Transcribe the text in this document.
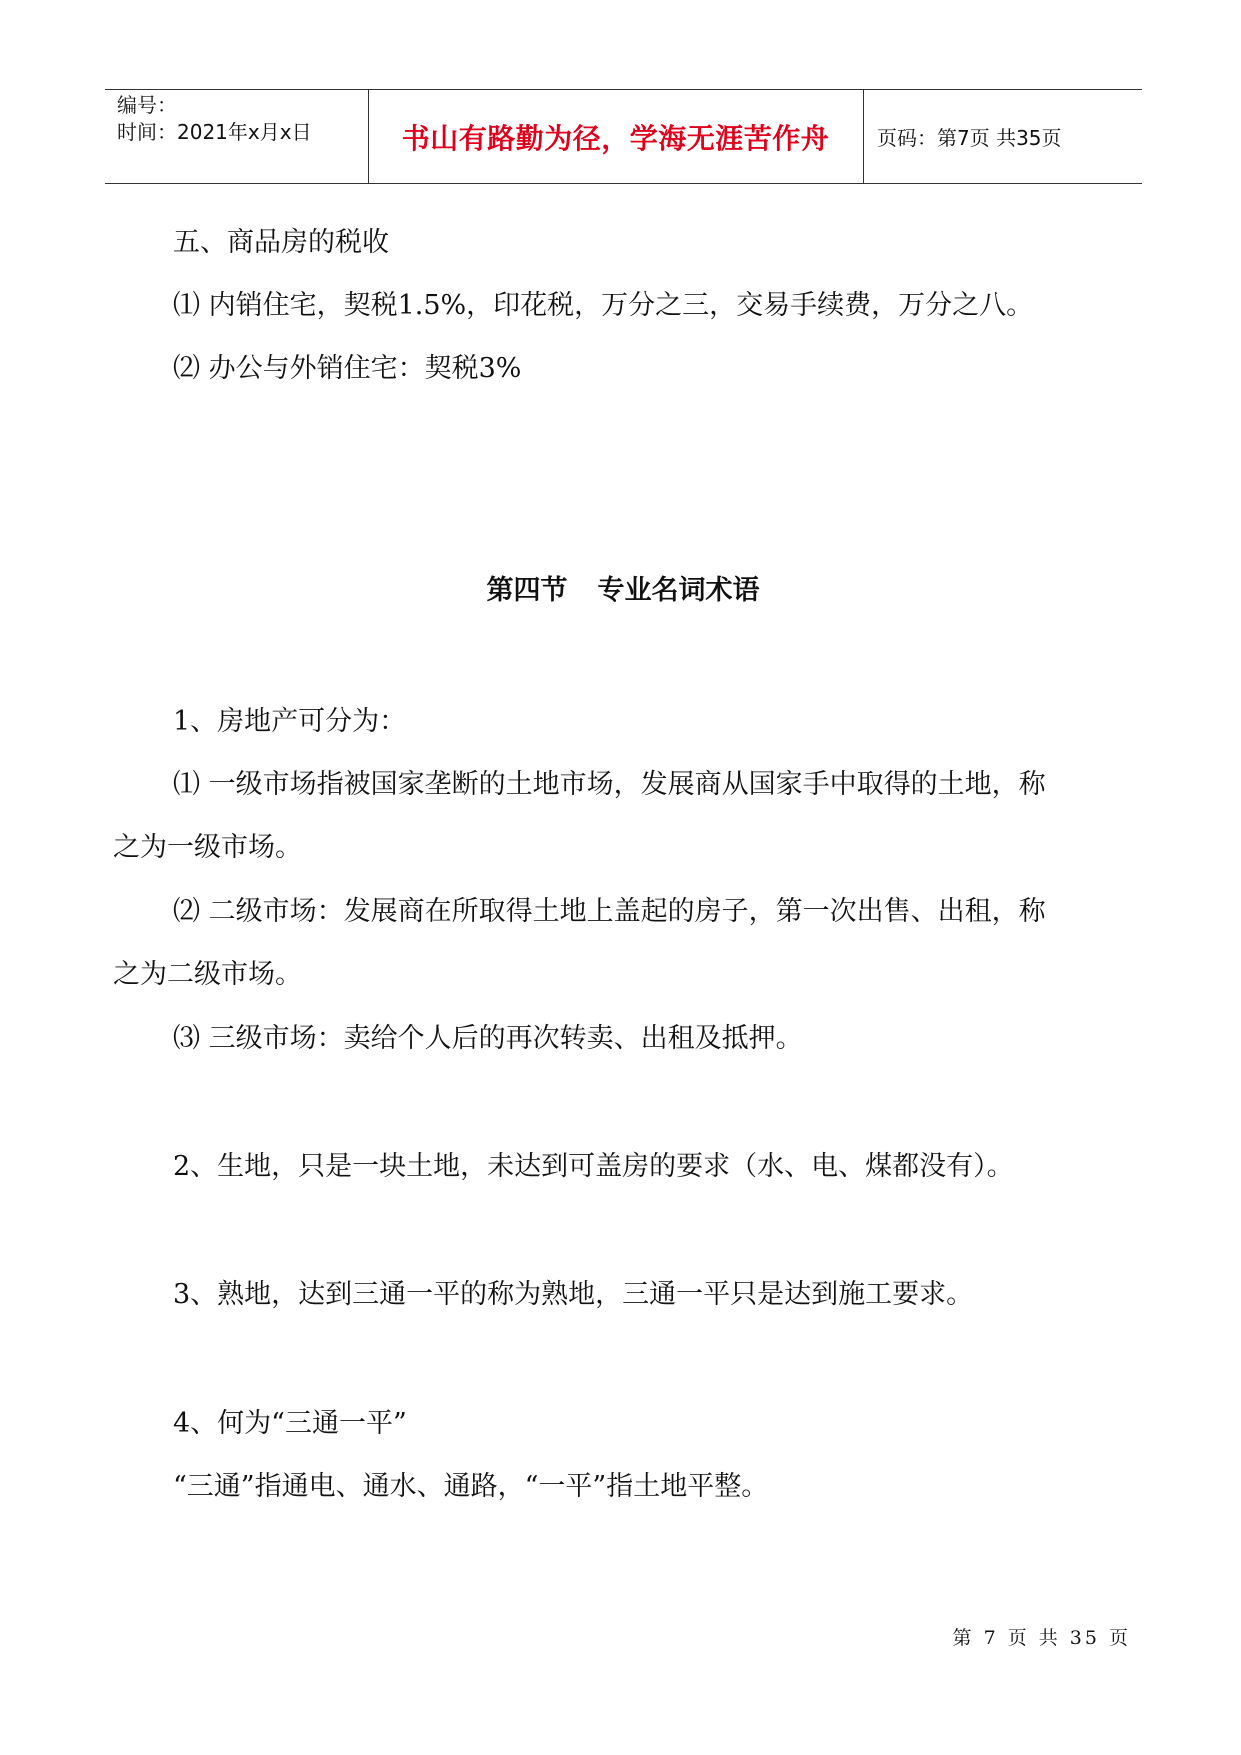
编号：
时间：2021年x月x日	书山有路勤为径，学海无涯苦作舟 页码：第7页 共35页
五、商品房的税收
⑴ 内销住宅，契税1.5%，印花税，万分之三，交易手续费，万分之八。
⑵ 办公与外销住宅：契税3%
第四节 专业名词术语
1、房地产可分为：
⑴ 一级市场指被国家垄断的土地市场，发展商从国家手中取得的土地，称
之为一级市场。
⑵ 二级市场：发展商在所取得土地上盖起的房子，第一次出售、出租，称
之为二级市场。
⑶ 三级市场：卖给个人后的再次转卖、出租及抵押。
2、生地，只是一块土地，未达到可盖房的要求（水、电、煤都没有）。
3、熟地，达到三通一平的称为熟地，三通一平只是达到施工要求。
4、何为“三通一平”
“三通”指通电、通水、通路，“一平”指土地平整。
第 7 页 共 35 页
